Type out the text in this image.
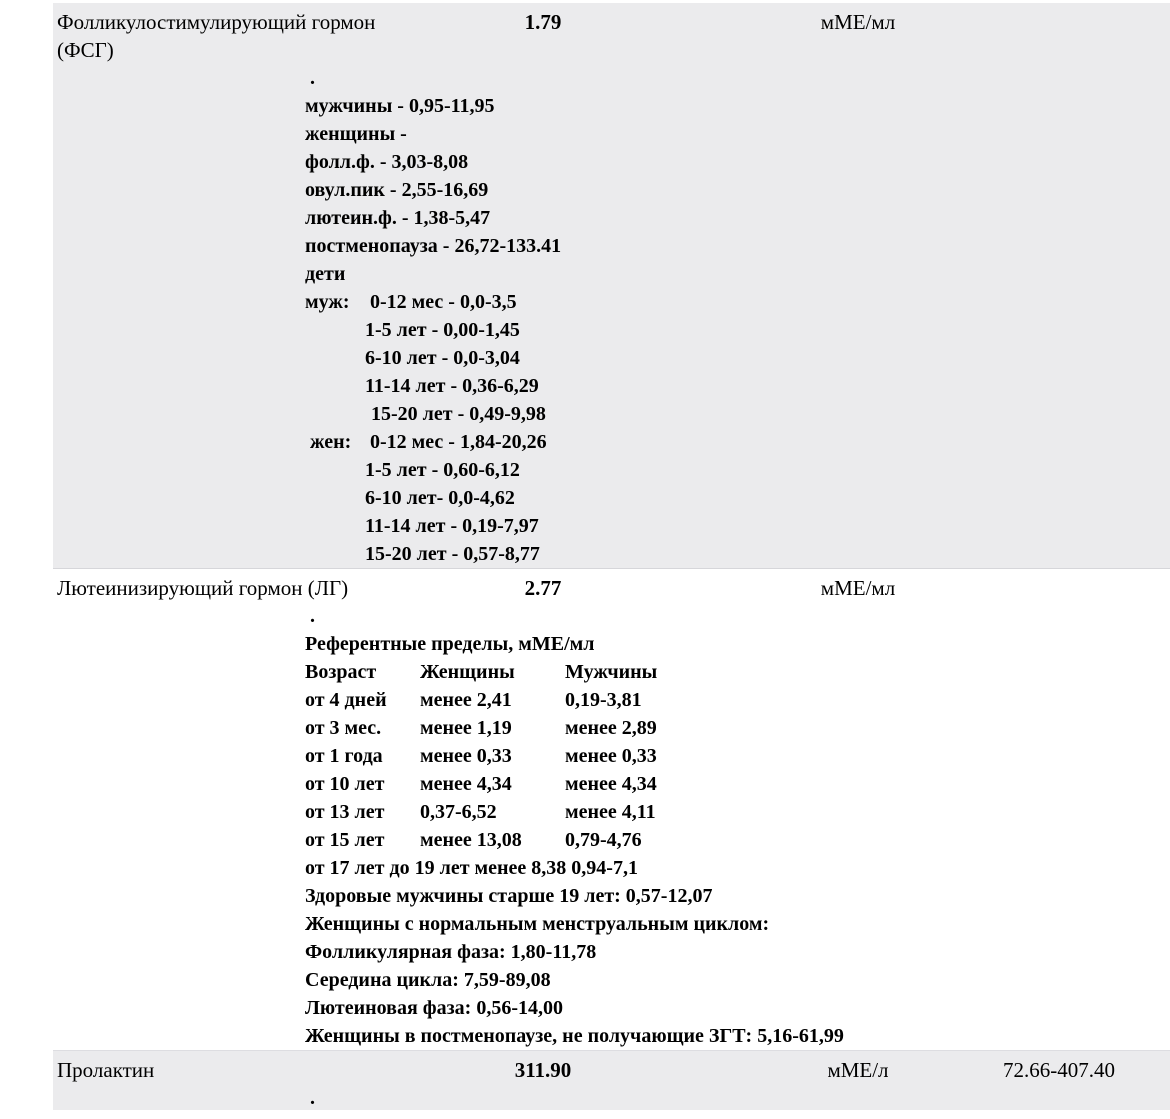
Фолликулостимулирующий гормон (ФСГ)
1.79	мМЕ/мл
.
мужчины - 0,95-11,95
женщины -
фолл.ф. - 3,03-8,08
овул.пик - 2,55-16,69
лютеин.ф. - 1,38-5,47
постменопауза - 26,72-133.41
дети
муж: 0-12 мес - 0,0-3,5
1-5 лет - 0,00-1,45
6-10 лет - 0,0-3,04
11-14 лет - 0,36-6,29
15-20 лет - 0,49-9,98
жен: 0-12 мес - 1,84-20,26
1-5 лет - 0,60-6,12
6-10 лет- 0,0-4,62
11-14 лет - 0,19-7,97
15-20 лет - 0,57-8,77
Лютеинизирующий гормон (ЛГ)	2.77	мМЕ/мл
.
Референтные пределы, мМЕ/мл
Возраст	Женщины	Мужчины
от 4 дней	менее 2,41	0,19-3,81
от 3 мес.	менее 1,19	менее 2,89
от 1 года	менее 0,33	менее 0,33
от 10 лет	менее 4,34	менее 4,34
от 13 лет	0,37-6,52	менее 4,11
от 15 лет	менее 13,08	0,79-4,76
от 17 лет до 19 лет менее 8,38 0,94-7,1
Здоровые мужчины старше 19 лет: 0,57-12,07
Женщины с нормальным менструальным циклом:
Фолликулярная фаза: 1,80-11,78
Середина цикла: 7,59-89,08
Лютеиновая фаза: 0,56-14,00
Женщины в постменопаузе, не получающие ЗГТ: 5,16-61,99
Пролактин	311.90	мМЕ/л	72.66-407.40
.
